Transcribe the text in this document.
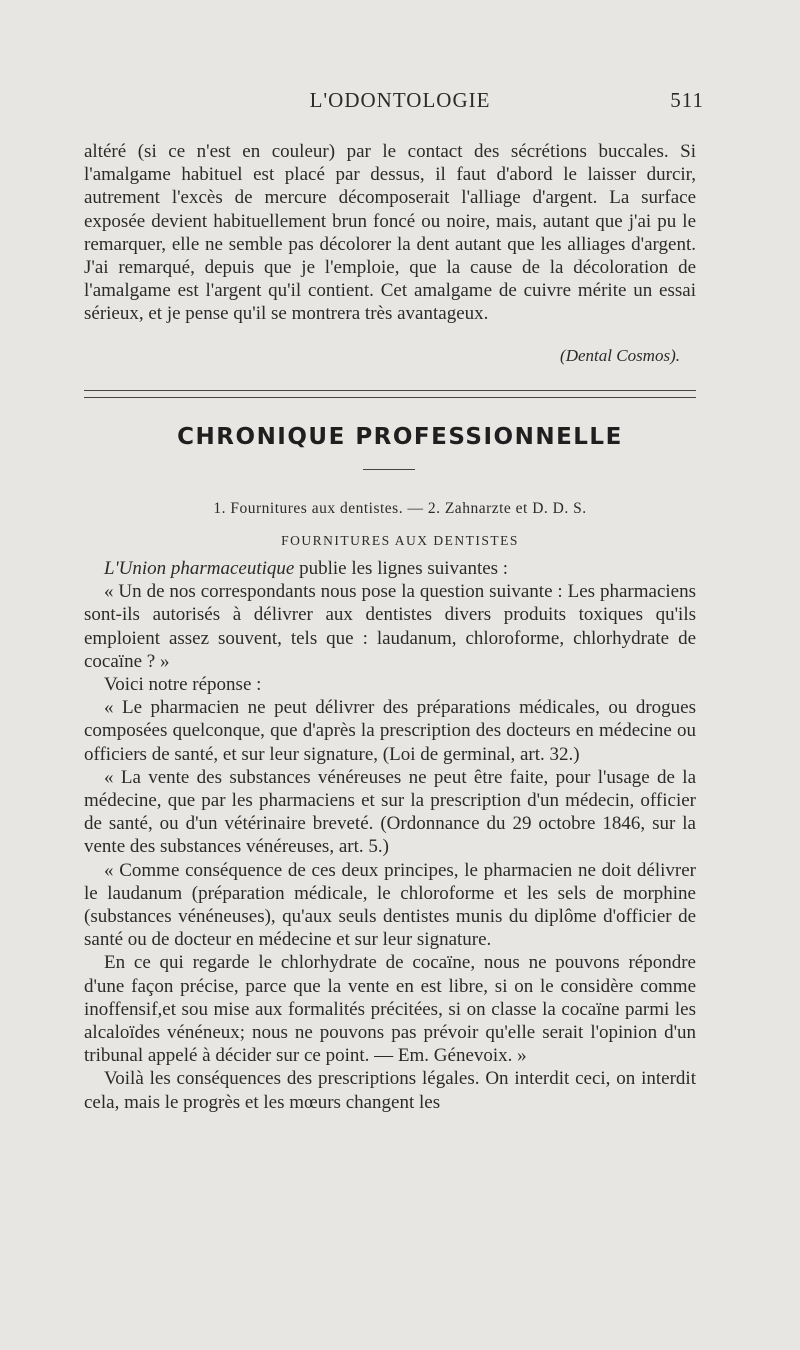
L'ODONTOLOGIE	511

altéré (si ce n'est en couleur) par le contact des sécrétions buccales. Si l'amalgame habituel est placé par dessus, il faut d'abord le laisser durcir, autrement l'excès de mercure décomposerait l'alliage d'argent. La surface exposée devient habituellement brun foncé ou noire, mais, autant que j'ai pu le remarquer, elle ne semble pas décolorer la dent autant que les alliages d'argent. J'ai remarqué, depuis que je l'emploie, que la cause de la décoloration de l'amalgame est l'argent qu'il contient. Cet amalgame de cuivre mérite un essai sérieux, et je pense qu'il se montrera très avantageux.

(Dental Cosmos).
CHRONIQUE PROFESSIONNELLE
1. Fournitures aux dentistes. — 2. Zahnarzte et D. D. S.
FOURNITURES AUX DENTISTES

L'Union pharmaceutique publie les lignes suivantes :

« Un de nos correspondants nous pose la question suivante : Les pharmaciens sont-ils autorisés à délivrer aux dentistes divers produits toxiques qu'ils emploient assez souvent, tels que : laudanum, chloroforme, chlorhydrate de cocaïne ? »

Voici notre réponse :

« Le pharmacien ne peut délivrer des préparations médicales, ou drogues composées quelconque, que d'après la prescription des docteurs en médecine ou officiers de santé, et sur leur signature, (Loi de germinal, art. 32.)

« La vente des substances vénéreuses ne peut être faite, pour l'usage de la médecine, que par les pharmaciens et sur la prescription d'un médecin, officier de santé, ou d'un vétérinaire breveté. (Ordonnance du 29 octobre 1846, sur la vente des substances vénéreuses, art. 5.)

« Comme conséquence de ces deux principes, le pharmacien ne doit délivrer le laudanum (préparation médicale, le chloroforme et les sels de morphine (substances vénéneuses), qu'aux seuls dentistes munis du diplôme d'officier de santé ou de docteur en médecine et sur leur signature.

En ce qui regarde le chlorhydrate de cocaïne, nous ne pouvons répondre d'une façon précise, parce que la vente en est libre, si on le considère comme inoffensif,et sou mise aux formalités précitées, si on classe la cocaïne parmi les alcaloïdes vénéneux; nous ne pouvons pas prévoir qu'elle serait l'opinion d'un tribunal appelé à décider sur ce point. — Em. Génevoix. »

Voilà les conséquences des prescriptions légales. On interdit ceci, on interdit cela, mais le progrès et les mœurs changent les
